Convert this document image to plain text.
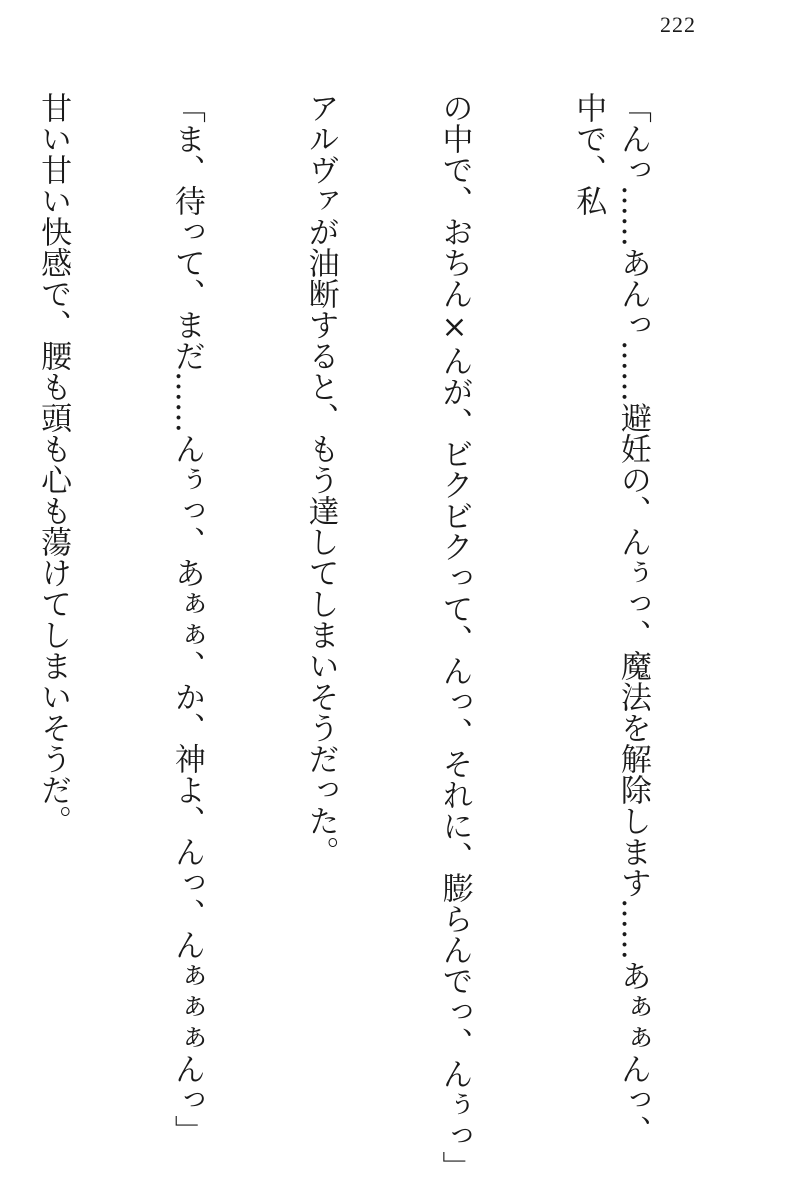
222

「んっ……あんっ……避妊の、んぅっ、魔法を解除します……あぁぁんっ、中で、私

の中で、おちん×んが、ビクビクって、んっ、それに、膨らんでっ、んぅっ」

アルヴァが油断すると、もう達してしまいそうだった。

「ま、待って、まだ……んぅっ、あぁぁ、か、神よ、んっ、んぁぁぁんっ」

甘い甘い快感で、腰も頭も心も蕩けてしまいそうだ。
